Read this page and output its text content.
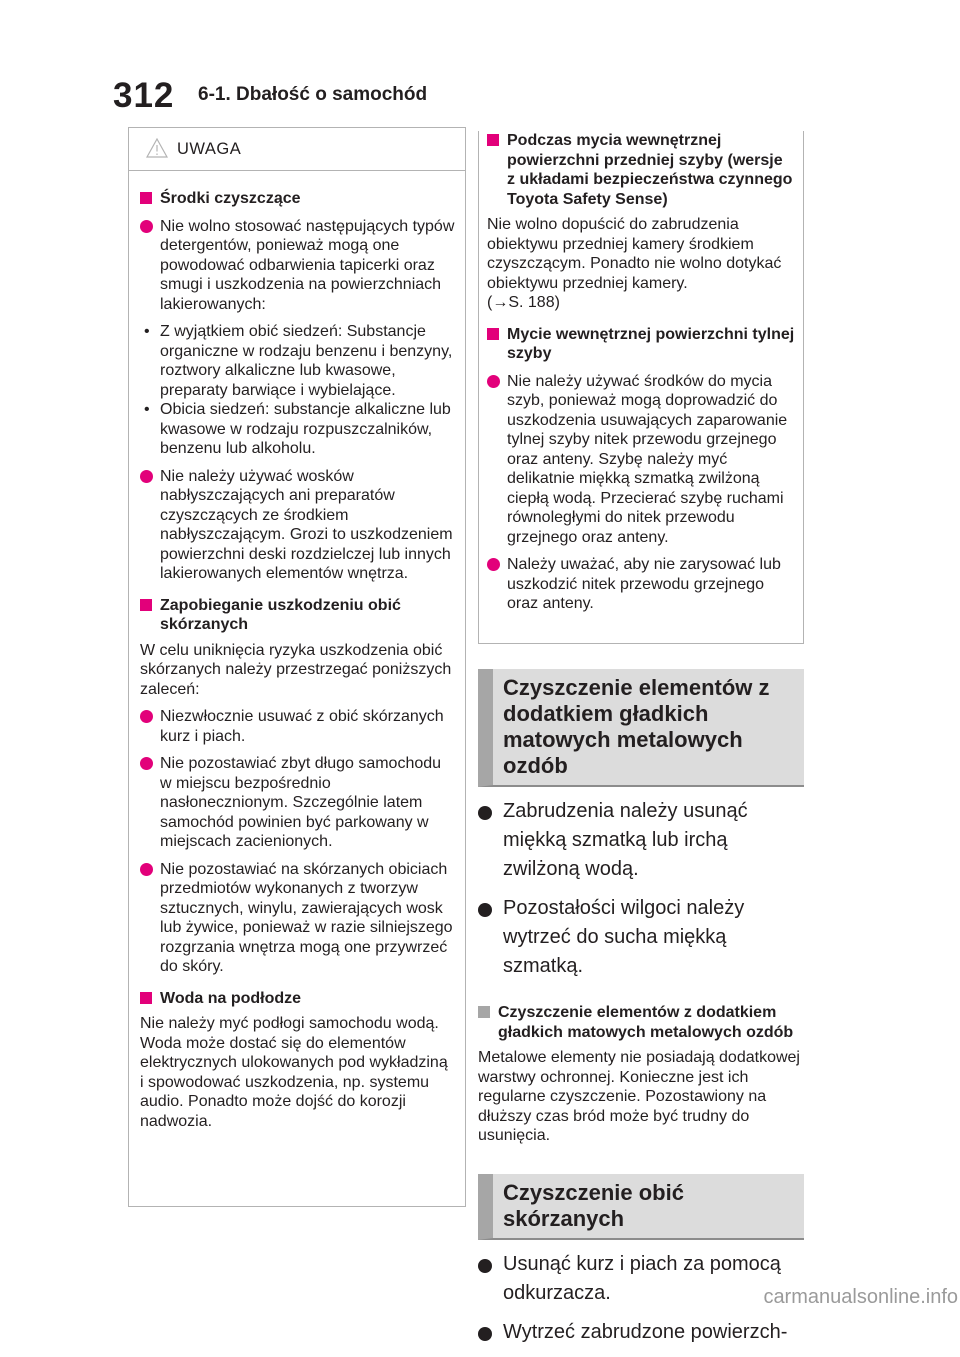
312 6-1. Dbałość o samochód
UWAGA
Środki czyszczące
Nie wolno stosować następujących typów detergentów, ponieważ mogą one powodować odbarwienia tapicerki oraz smugi i uszkodzenia na powierzchniach lakierowanych:
• Z wyjątkiem obić siedzeń: Substancje organiczne w rodzaju benzenu i benzyny, roztwory alkaliczne lub kwasowe, preparaty barwiące i wybielające.
• Obicia siedzeń: substancje alkaliczne lub kwasowe w rodzaju rozpuszczalników, benzenu lub alkoholu.
Nie należy używać wosków nabłyszczających ani preparatów czyszczących ze środkiem nabłyszczającym. Grozi to uszkodzeniem powierzchni deski rozdzielczej lub innych lakierowanych elementów wnętrza.
Zapobieganie uszkodzeniu obić skórzanych

W celu uniknięcia ryzyka uszkodzenia obić skórzanych należy przestrzegać poniższych zaleceń:

Niezwłocznie usuwać z obić skórzanych kurz i piach.
Nie pozostawiać zbyt długo samochodu w miejscu bezpośrednio nasłonecznionym. Szczególnie latem samochód powinien być parkowany w miejscach zacienionych.
Nie pozostawiać na skórzanych obiciach przedmiotów wykonanych z tworzyw sztucznych, winylu, zawierających wosk lub żywice, ponieważ w razie silniejszego rozgrzania wnętrza mogą one przywrzeć do skóry.
Woda na podłodze

Nie należy myć podłogi samochodu wodą.

Woda może dostać się do elementów elektrycznych ulokowanych pod wykładziną i spowodować uszkodzenia, np. systemu audio. Ponadto może dojść do korozji nadwozia.

Podczas mycia wewnętrznej powierzchni przedniej szyby (wersje z układami bezpieczeństwa czynnego Toyota Safety Sense)

Nie wolno dopuścić do zabrudzenia obiektywu przedniej kamery środkiem czyszczącym. Ponadto nie wolno dotykać obiektywu przedniej kamery.
(→S. 188)

Mycie wewnętrznej powierzchni tylnej szyby
Nie należy używać środków do mycia szyb, ponieważ mogą doprowadzić do uszkodzenia usuwających zaparowanie tylnej szyby nitek przewodu grzejnego oraz anteny. Szybę należy myć delikatnie miękką szmatką zwilżoną ciepłą wodą. Przecierać szybę ruchami równoległymi do nitek przewodu grzejnego oraz anteny.
Należy uważać, aby nie zarysować lub uszkodzić nitek przewodu grzejnego oraz anteny.
Czyszczenie elementów z dodatkiem gładkich matowych metalowych ozdób
Zabrudzenia należy usunąć miękką szmatką lub irchą zwilżoną wodą.
Pozostałości wilgoci należy wytrzeć do sucha miękką szmatką.
Czyszczenie elementów z dodatkiem gładkich matowych metalowych ozdób

Metalowe elementy nie posiadają dodatkowej warstwy ochronnej. Konieczne jest ich regularne czyszczenie. Pozostawiony na dłuższy czas bród może być trudny do usunięcia.

Czyszczenie obić skórzanych
Usunąć kurz i piach za pomocą odkurzacza.
Wytrzeć zabrudzone powierzch-
carmanualsonline.info
